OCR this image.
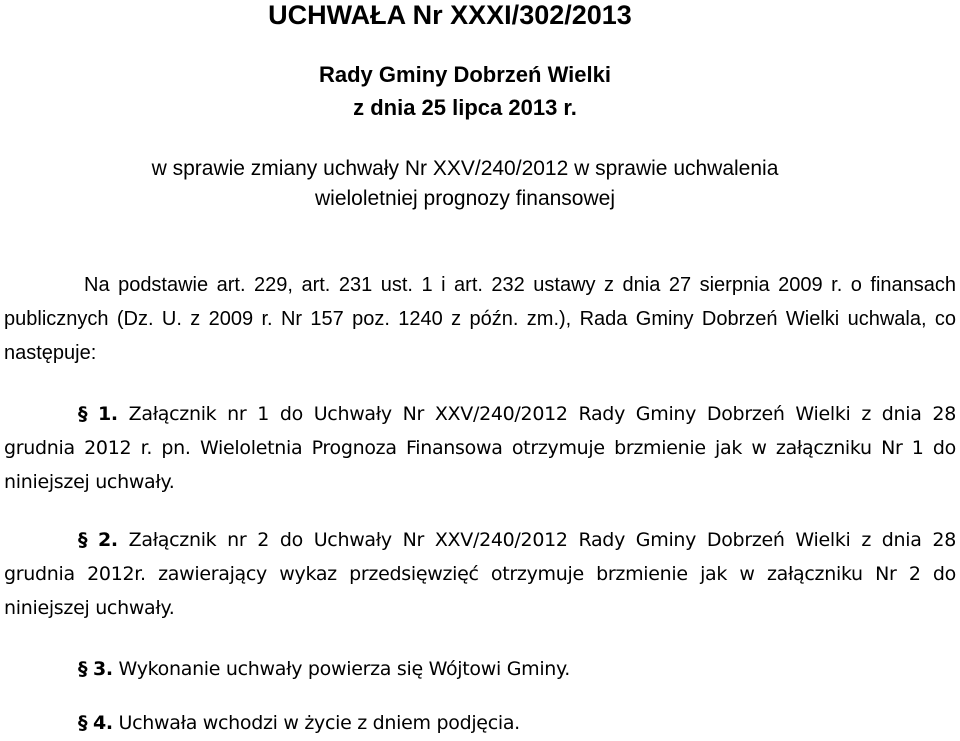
UCHWAŁA Nr XXXI/302/2013

Rady Gminy Dobrzeń Wielki

z dnia 25 lipca 2013 r.

w sprawie zmiany uchwały Nr XXV/240/2012 w sprawie uchwalenia

wieloletniej prognozy finansowej

Na podstawie art. 229, art. 231 ust. 1 i art. 232 ustawy z dnia 27 sierpnia 2009 r. o finansach publicznych (Dz. U. z 2009 r. Nr 157 poz. 1240 z późn. zm.), Rada Gminy Dobrzeń Wielki uchwala, co następuje:

§ 1. Załącznik nr 1 do Uchwały Nr XXV/240/2012 Rady Gminy Dobrzeń Wielki z dnia 28 grudnia 2012 r. pn. Wieloletnia Prognoza Finansowa otrzymuje brzmienie jak w załączniku Nr 1 do niniejszej uchwały.

§ 2. Załącznik nr 2 do Uchwały Nr XXV/240/2012 Rady Gminy Dobrzeń Wielki z dnia 28 grudnia 2012r. zawierający wykaz przedsięwzięć otrzymuje brzmienie jak w załączniku Nr 2 do niniejszej uchwały.

§ 3. Wykonanie uchwały powierza się Wójtowi Gminy.

§ 4. Uchwała wchodzi w życie z dniem podjęcia.
